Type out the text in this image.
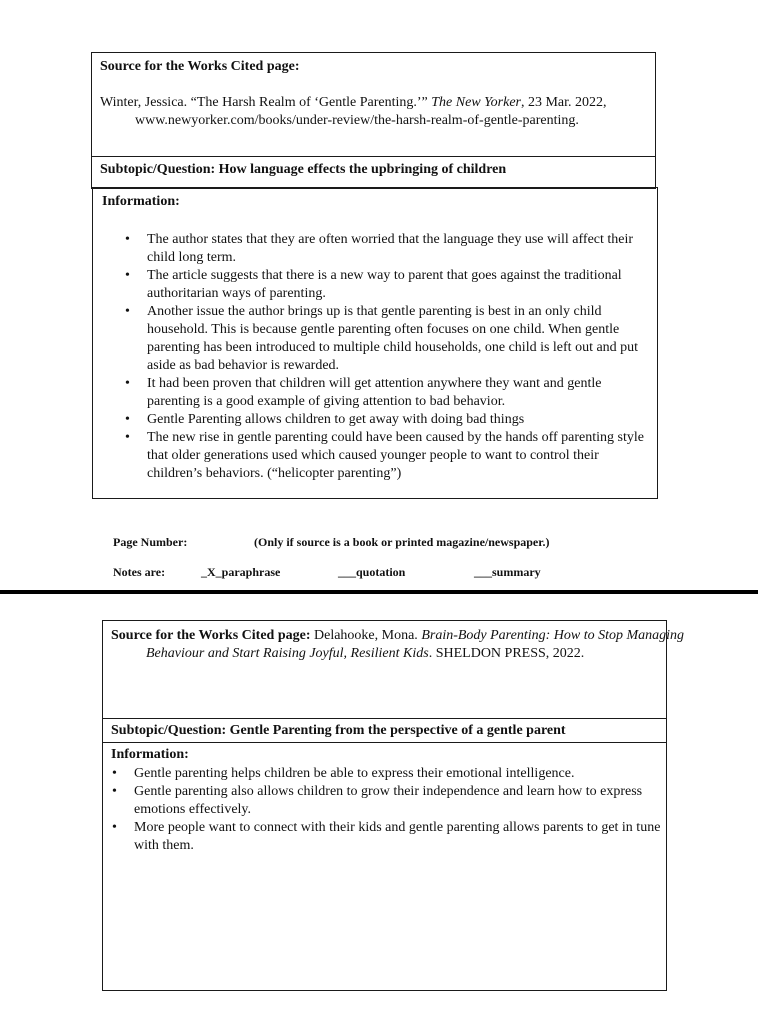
Source for the Works Cited page:
Winter, Jessica. “The Harsh Realm of ‘Gentle Parenting.’” The New Yorker, 23 Mar. 2022, www.newyorker.com/books/under-review/the-harsh-realm-of-gentle-parenting.
Subtopic/Question: How language effects the upbringing of children
Information:
• The author states that they are often worried that the language they use will affect their child long term.
• The article suggests that there is a new way to parent that goes against the traditional authoritarian ways of parenting.
• Another issue the author brings up is that gentle parenting is best in an only child household. This is because gentle parenting often focuses on one child. When gentle parenting has been introduced to multiple child households, one child is left out and put aside as bad behavior is rewarded.
• It had been proven that children will get attention anywhere they want and gentle parenting is a good example of giving attention to bad behavior.
• Gentle Parenting allows children to get away with doing bad things
• The new rise in gentle parenting could have been caused by the hands off parenting style that older generations used which caused younger people to want to control their children’s behaviors. (“helicopter parenting”)
Page Number:	(Only if source is a book or printed magazine/newspaper.)
Notes are:	_X_paraphrase	___quotation	___summary
Source for the Works Cited page: Delahooke, Mona. Brain-Body Parenting: How to Stop Managing Behaviour and Start Raising Joyful, Resilient Kids. SHELDON PRESS, 2022.
Subtopic/Question: Gentle Parenting from the perspective of a gentle parent
Information:
• Gentle parenting helps children be able to express their emotional intelligence.
• Gentle parenting also allows children to grow their independence and learn how to express emotions effectively.
• More people want to connect with their kids and gentle parenting allows parents to get in tune with them.
